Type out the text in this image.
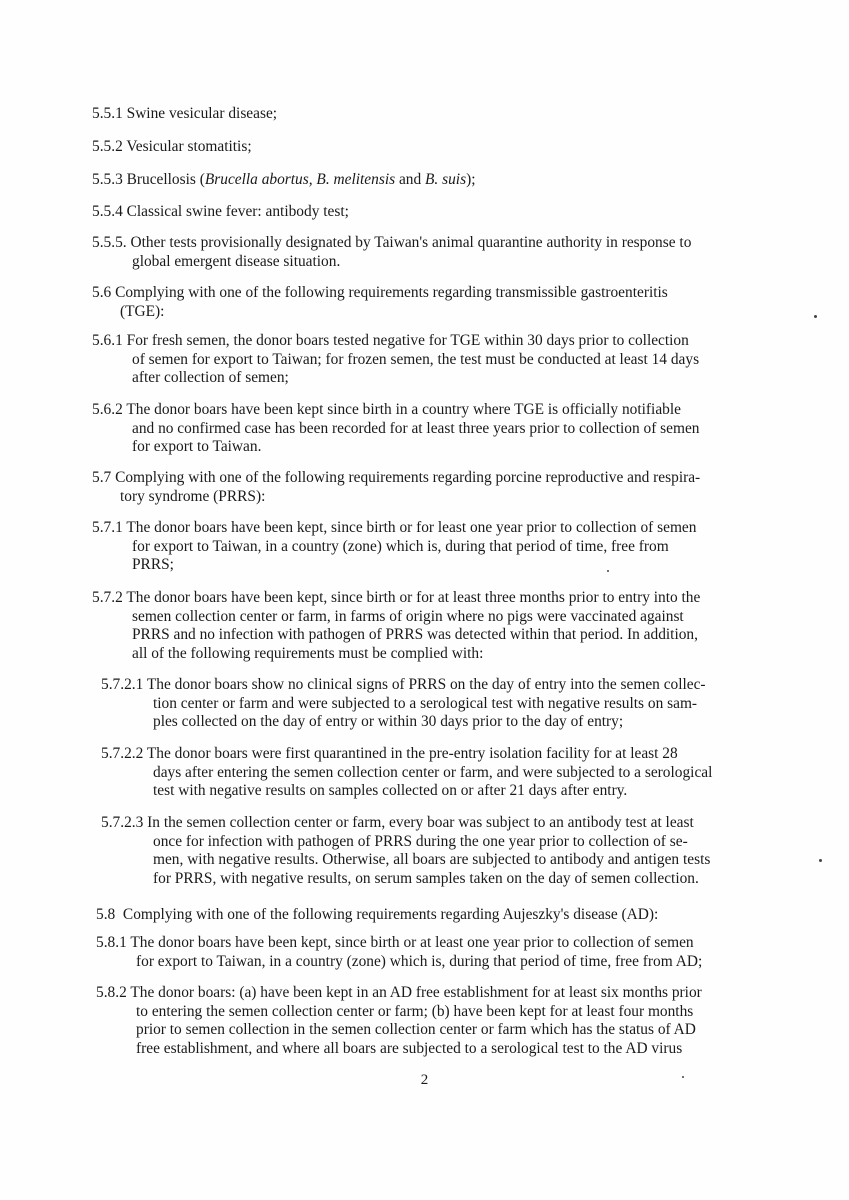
5.5.1 Swine vesicular disease;

5.5.2 Vesicular stomatitis;

5.5.3 Brucellosis (Brucella abortus, B. melitensis and B. suis);

5.5.4 Classical swine fever: antibody test;

5.5.5. Other tests provisionally designated by Taiwan's animal quarantine authority in response to
global emergent disease situation.

5.6 Complying with one of the following requirements regarding transmissible gastroenteritis
(TGE):

5.6.1 For fresh semen, the donor boars tested negative for TGE within 30 days prior to collection
of semen for export to Taiwan; for frozen semen, the test must be conducted at least 14 days
after collection of semen;

5.6.2 The donor boars have been kept since birth in a country where TGE is officially notifiable
and no confirmed case has been recorded for at least three years prior to collection of semen
for export to Taiwan.

5.7 Complying with one of the following requirements regarding porcine reproductive and respira-
tory syndrome (PRRS):

5.7.1 The donor boars have been kept, since birth or for least one year prior to collection of semen
for export to Taiwan, in a country (zone) which is, during that period of time, free from
PRRS;

5.7.2 The donor boars have been kept, since birth or for at least three months prior to entry into the
semen collection center or farm, in farms of origin where no pigs were vaccinated against
PRRS and no infection with pathogen of PRRS was detected within that period. In addition,
all of the following requirements must be complied with:

5.7.2.1 The donor boars show no clinical signs of PRRS on the day of entry into the semen collec-
tion center or farm and were subjected to a serological test with negative results on sam-
ples collected on the day of entry or within 30 days prior to the day of entry;

5.7.2.2 The donor boars were first quarantined in the pre-entry isolation facility for at least 28
days after entering the semen collection center or farm, and were subjected to a serological
test with negative results on samples collected on or after 21 days after entry.

5.7.2.3 In the semen collection center or farm, every boar was subject to an antibody test at least
once for infection with pathogen of PRRS during the one year prior to collection of se-
men, with negative results. Otherwise, all boars are subjected to antibody and antigen tests
for PRRS, with negative results, on serum samples taken on the day of semen collection.

5.8  Complying with one of the following requirements regarding Aujeszky's disease (AD):

5.8.1 The donor boars have been kept, since birth or at least one year prior to collection of semen
for export to Taiwan, in a country (zone) which is, during that period of time, free from AD;

5.8.2 The donor boars: (a) have been kept in an AD free establishment for at least six months prior
to entering the semen collection center or farm; (b) have been kept for at least four months
prior to semen collection in the semen collection center or farm which has the status of AD
free establishment, and where all boars are subjected to a serological test to the AD virus

2
